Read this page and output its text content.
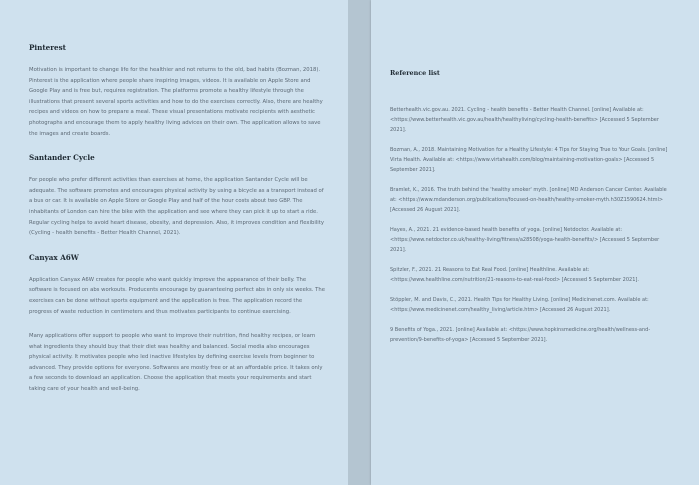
Pinterest

Motivation is important to change life for the healthier and not returns to the old, bad habits (Bozman, 2018). Pinterest is the application where people share inspiring images, videos. It is available on Apple Store and Google Play and is free but, requires registration. The platforms promote a healthy lifestyle through the illustrations that present several sports activities and how to do the exercises correctly. Also, there are healthy recipes and videos on how to prepare a meal. These visual presentations motivate recipients with aesthetic photographs and encourage them to apply healthy living advices on their own. The application allows to save the images and create boards.

Santander Cycle

For people who prefer different activities than exercises at home, the application Santander Cycle will be adequate. The software promotes and encourages physical activity by using a bicycle as a transport instead of a bus or car. It is available on Apple Store or Google Play and half of the hour costs about two GBP. The inhabitants of London can hire the bike with the application and see where they can pick it up to start a ride. Regular cycling helps to avoid heart disease, obesity, and depression. Also, it improves condition and flexibility (Cycling - health benefits - Better Health Channel, 2021).

Canyax A6W

Application Canyax A6W creates for people who want quickly improve the appearance of their belly. The software is focused on abs workouts. Producents encourage by guaranteeing perfect abs in only six weeks. The exercises can be done without sports equipment and the application is free. The application record the progress of waste reduction in centimeters and thus motivates participants to continue exercising.

Many applications offer support to people who want to improve their nutrition, find healthy recipes, or learn what ingredients they should buy that their diet was healthy and balanced. Social media also encourages physical activity. It motivates people who led inactive lifestyles by defining exercise levels from beginner to advanced. They provide options for everyone. Softwares are mostly free or at an affordable price. It takes only a few seconds to download an application. Choose the application that meets your requirements and start taking care of your health and well-being.

Reference list

Betterhealth.vic.gov.au. 2021. Cycling - health benefits - Better Health Channel. [online] Available at: <https://www.betterhealth.vic.gov.au/health/healthyliving/cycling-health-benefits> [Accessed 5 September 2021].

Bozman, A., 2018. Maintaining Motivation for a Healthy Lifestyle: 4 Tips for Staying True to Your Goals. [online] Virta Health. Available at: <https://www.virtahealth.com/blog/maintaining-motivation-goals> [Accessed 5 September 2021].

Bramlet, K., 2016. The truth behind the 'healthy smoker' myth. [online] MD Anderson Cancer Center. Available at: <https://www.mdanderson.org/publications/focused-on-health/healthy-smoker-myth.h30Z1590624.html> [Accessed 26 August 2021].

Hayes, A., 2021. 21 evidence-based health benefits of yoga. [online] Netdoctor. Available at: <https://www.netdoctor.co.uk/healthy-living/fitness/a28508/yoga-health-benefits/> [Accessed 5 September 2021].

Spitzler, F., 2021. 21 Reasons to Eat Real Food. [online] Healthline. Available at: <https://www.healthline.com/nutrition/21-reasons-to-eat-real-food> [Accessed 5 September 2021].

Stöppler, M. and Davis, C., 2021. Health Tips for Healthy Living. [online] Medicinenet.com. Available at: <https://www.medicinenet.com/healthy_living/article.htm> [Accessed 26 August 2021].

9 Benefits of Yoga., 2021. [online] Available at: <https://www.hopkinsmedicine.org/health/wellness-and-prevention/9-benefits-of-yoga> [Accessed 5 September 2021].
